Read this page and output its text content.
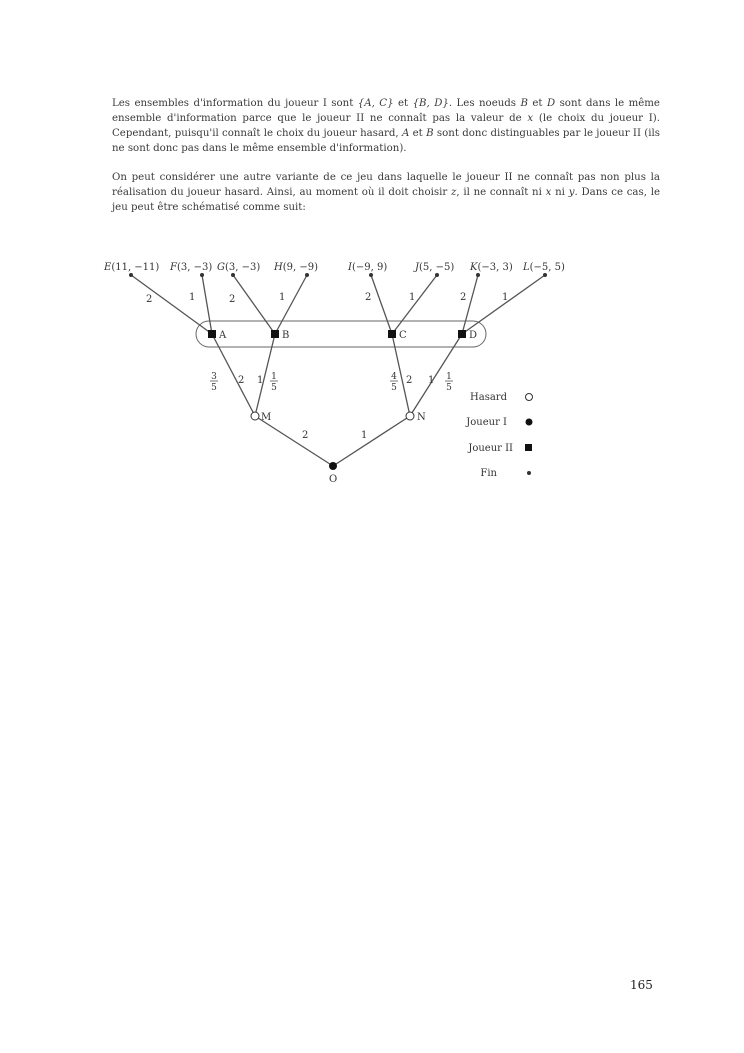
Les ensembles d'information du joueur I sont {A, C} et {B, D}. Les noeuds B et D sont dans le même ensemble d'information parce que le joueur II ne connaît pas la valeur de x (le choix du joueur I). Cependant, puisqu'il connaît le choix du joueur hasard, A et B sont donc distinguables par le joueur II (ils ne sont donc pas dans le même ensemble d'information).

On peut considérer une autre variante de ce jeu dans laquelle le joueur II ne connaît pas non plus la réalisation du joueur hasard. Ainsi, au moment où il doit choisir z, il ne connaît ni x ni y. Dans ce cas, le jeu peut être schématisé comme suit:

E(11, −11) F(3, −3) G(3, −3) H(9, −9)	I(−9, 9)	J(5, −5) K(−3, 3) L(−5, 5)
2	1	2	1	2	1	2	1
A	B	C	D
3
5
2 1 1
5
4
5
2 1 1
5
M	N
2	1
O
Hasard
Joueur I
Joueur II
Fin
165
